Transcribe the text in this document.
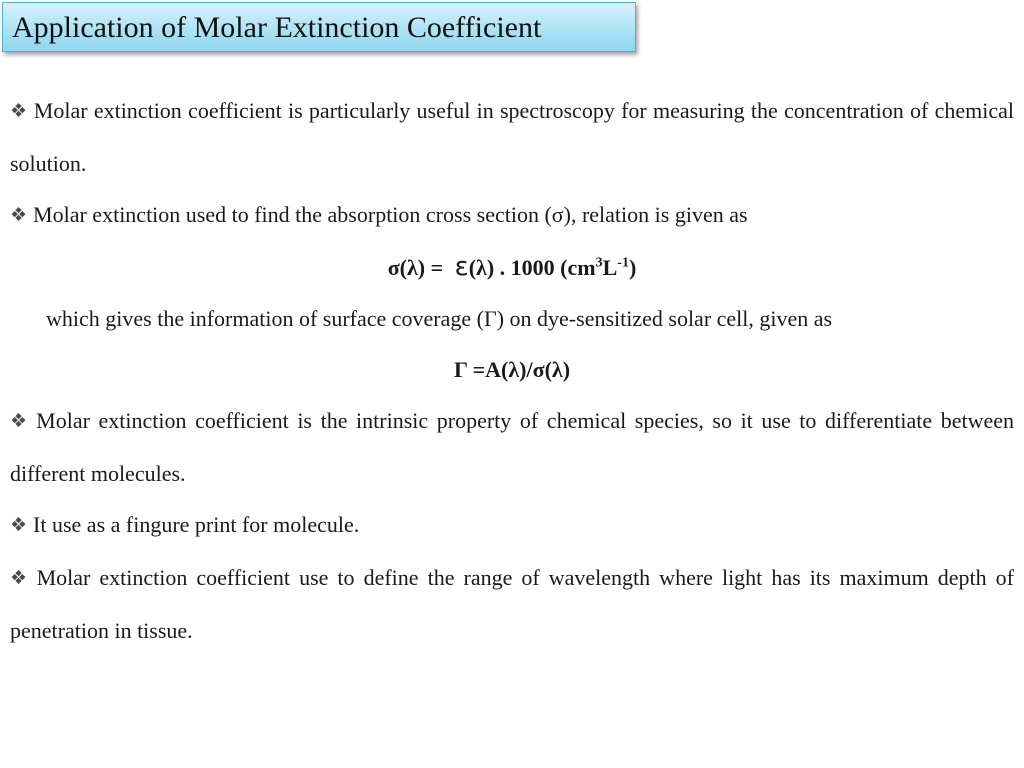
Application of Molar Extinction Coefficient

❖ Molar extinction coefficient is particularly useful in spectroscopy for measuring the concentration of chemical solution.

❖ Molar extinction used to find the absorption cross section (σ), relation is given as

σ(λ) = ε(λ) . 1000 $(cm^3L^{-1})$

which gives the information of surface coverage (Γ) on dye-sensitized solar cell, given as

Γ =A(λ)/σ(λ)

❖ Molar extinction coefficient is the intrinsic property of chemical species, so it use to differentiate between different molecules.

❖ It use as a fingure print for molecule.

❖ Molar extinction coefficient use to define the range of wavelength where light has its maximum depth of penetration in tissue.
